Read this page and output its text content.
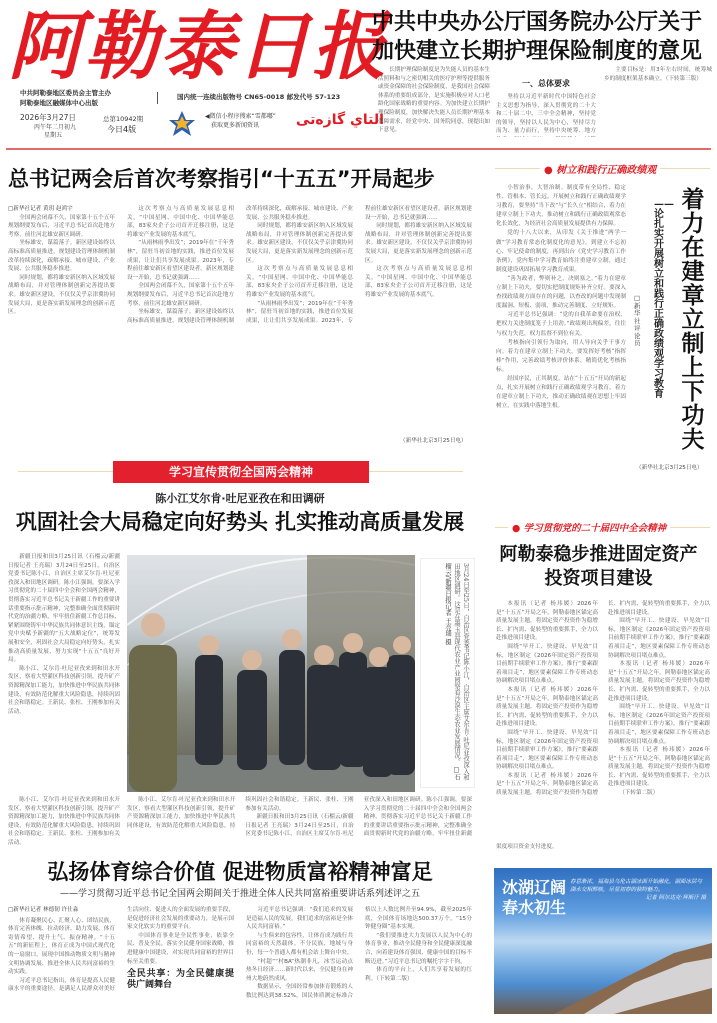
阿勒泰日报
中共阿勒泰地区委员会主管主办
阿勒泰地区融媒体中心出版
国内统一连续出版物号 CN65-0018 邮发代号 57-123
2026年3月27日
丙午年二月初九
星期五
总第10942期
今日4版
◀微信小程序搜索“雪都嘟”
获取更多新闻资讯	التاي گازەتى
中共中央办公厅国务院办公厅关于
加快建立长期护理保险制度的意见

长期护理保险制度是为失能人员的基本生活照料和与之密切相关的医疗护理等提供服务或资金保障的社会保险制度，是我国社会保障体系的重要组成部分，是实施积极应对人口老龄化国家战略的重要内容。为加快建立长期护理保险制度，加快解决失能人员长期护理基本保障需求，经党中央、国务院同意，现提出如下意见。

一、总体要求

坚持以习近平新时代中国特色社会主义思想为指导，深入贯彻党的二十大和二十届二中、三中全会精神，坚持党的领导，坚持以人民为中心，坚持尽力而为、量力而行，坚持中央统筹、地方

主要目标是：用3年左右时间，统筹城乡的制度框架基本确立。（下转第三版）

总书记两会后首次考察指引“十五五”开局起步
□新华社记者 黄玥 赵鸿宇

全国两会闭幕不久，国家第十五个五年规划纲要发布后，习近平总书记首次赴地方考察，前往河北雄安新区调研。

坐标雄安，谋篇落子。新区建设始终以高标准高质量推进，规划建设管理体制机制改革持续深化，疏解承接、城市建设、产业发展、公共服务稳步推进。

同时规划，都将雄安新区纳入区域发展战略布局，并对管理体制创新完善提出要求。雄安新区建设，不仅仅关乎京津冀协同发展大局，更是落实新发展理念的创新示范区。

这次考察点与高质量发展息息相关，“中国星网、中国中化、中国华能总部，83家央企子公司首开迁移注册，这是将雄安产业发展的基本底气。

“从雨林雨季出发”；2019年在“千年秀林”，留驻当初首地的实践，推进首位发展成果，让让们共享发展成果。2023年，专程前往雄安新区看望区建设者。新区规划建设一开始，总书记就强调……

全国两会闭幕不久，国家第十五个五年规划纲要发布后，习近平总书记首次赴地方考察，前往河北雄安新区调研。

坐标雄安，谋篇落子。新区建设始终以高标准高质量推进，规划建设管理体制机制改革持续深化，疏解承接、城市建设、产业发展、公共服务稳步推进。

同时规划，都将雄安新区纳入区域发展战略布局，并对管理体制创新完善提出要求。雄安新区建设，不仅仅关乎京津冀协同发展大局，更是落实新发展理念的创新示范区。

这次考察点与高质量发展息息相关，“中国星网、中国中化、中国华能总部，83家央企子公司首开迁移注册，这是将雄安产业发展的基本底气。

“从雨林雨季出发”；2019年在“千年秀林”，留驻当初首地的实践，推进首位发展成果，让让们共享发展成果。2023年，专程前往雄安新区看望区建设者。新区规划建设一开始，总书记就强调……

同时规划，都将雄安新区纳入区域发展战略布局，并对管理体制创新完善提出要求。雄安新区建设，不仅仅关乎京津冀协同发展大局，更是落实新发展理念的创新示范区。

这次考察点与高质量发展息息相关，“中国星网、中国中化、中国华能总部，83家央企子公司首开迁移注册，这是将雄安产业发展的基本底气。

（新华社北京3月25日电）
● 树立和践行正确政绩观
着力在建章立制上下功夫
——论扎实开展树立和践行正确政绩观学习教育
□新华社评论员

小智治事，大智治制。制度带有全局性、稳定性、管根本、管长远。开展树立和践行正确政绩观学习教育，要坚持“当下改”与“长久立”相结合，着力在建章立制上下功夫，推动树立和践行正确政绩观常态化长效化，为经济社会高质量发展提供有力保障。

党的十八大以来，从印发《关于推进“两学一做”学习教育常态化制度化的意见》，到建立不忘初心、牢记使命的制度，再到出台《党史学习教育工作条例》，党内集中学习教育始终注重建章立制，通过制度建设巩固拓展学习教育成果。

“善为政者，弊则补之，决则塞之。”着力在建章立制上下功夫，要切实把制度规矩补齐立好。要深入查找政绩观方面存在的问题，以查改的问题中发现制度漏洞、短板、弱项，推动完善制度、立好规矩。

习近平总书记强调：“党的自我革命要在治权、把权力关进制度笼子上用劲。”政绩观出现偏差，往往与权力失范，权力监督不到位有关。

考核指向引领行为取向，用人导向关乎干事方向。着力在建章立制上下功夫，要发挥好考核“指挥棒”作用，完善政绩考核评价体系，精简优化考核指标。

经国序民，正其制度。站在“十五五”开局的新起点，扎实开展树立和践行正确政绩观学习教育，着力在建章立制上下功夫，推动正确政绩观在思想上牢固树立，在实践中落地生根。

（新华社北京3月25日电）
学习宣传贯彻全国两会精神
陈小江艾尔肯·吐尼亚孜在和田调研
巩固社会大局稳定向好势头 扎实推动高质量发展

新疆日报和田3月25日讯（石榴云/新疆日报记者 王亮瑞）3月24日至25日，自治区党委书记陈小江，自治区主席艾尔肯·吐尼亚孜深入和田地区调研。陈小江强调，要深入学习贯彻党的二十届四中全会和全国两会精神，贯彻落实习近平总书记关于新疆工作的重要讲话重要指示批示精神，完整准确全面贯彻新时代党的治疆方略，牢牢扭住新疆工作总目标，紧紧围绕铸牢中华民族共同体意识主线，锚定党中央赋予新疆的“五大战略定位”，统筹发展和安全，巩固社会大局稳定向好势头，扎实推动高质量发展，努力实现“十五五”良好开局。

陈小江、艾尔肯·吐尼亚孜来到和田水开发区，察看大型灌区科技创新引领，提升矿产资源精深加工能力，加快推进中华民族共同体建设，有效防范化解重大风险隐患，持续巩固社会和谐稳定。王新民、张柱、王刚参加有关活动。	3月24日至25日，自治区党委书记陈小江，自治区主席艾尔肯·吐尼亚孜深入和田地区调研。这是在墨玉县现代农业产业园察看沙漠生态农业发展情况。 □石榴云/新疆日报记者 王亮瑞 摄

陈小江、艾尔肯·吐尼亚孜来到和田水开发区，察看大型灌区科技创新引领，提升矿产资源精深加工能力，加快推进中华民族共同体建设，有效防范化解重大风险隐患，持续巩固社会和谐稳定。王新民、张柱、王刚参加有关活动。

新疆日报和田3月25日讯（石榴云/新疆日报记者 王亮瑞）3月24日至25日，自治区党委书记陈小江，自治区主席艾尔肯·吐尼亚孜深入和田地区调研。陈小江强调，要深入学习贯彻党的二十届四中全会和全国两会精神，贯彻落实习近平总书记关于新疆工作的重要讲话重要指示批示精神，完整准确全面贯彻新时代党的治疆方略，牢牢扭住新疆

陈小江、艾尔肯·吐尼亚孜来到和田水开发区，察看大型灌区科技创新引领，提升矿产资源精深加工能力，加快推进中华民族共同体建设，有效防范化解重大风险隐患，持续巩固社会和谐稳定。王新民、张柱、王刚参加有关活动。

● 学习贯彻党的二十届四中全会精神
阿勒泰稳步推进固定资产
投资项目建设

本报讯（记者 杨玮媛）2026年是“十五五”开局之年，阿勒泰地区锚定高质量发展主题，将固定资产投资作为稳增长、扩内需、促转型的重要抓手，全力以赴推进项目建设。

围绕“早开工、快建设、早见效”目标，地区制定《2026年固定资产投资项目前期手续联审工作方案》，推行“要素跟着项目走”，地区要素保障工作专班动态协调解决项目堵点难点。

本报讯（记者 杨玮媛）2026年是“十五五”开局之年，阿勒泰地区锚定高质量发展主题，将固定资产投资作为稳增长、扩内需、促转型的重要抓手，全力以赴推进项目建设。

围绕“早开工、快建设、早见效”目标，地区制定《2026年固定资产投资项目前期手续联审工作方案》，推行“要素跟着项目走”，地区要素保障工作专班动态协调解决项目堵点难点。

本报讯（记者 杨玮媛）2026年是“十五五”开局之年，阿勒泰地区锚定高质量发展主题，将固定资产投资作为稳增长、扩内需、促转型的重要抓手，全力以赴推进项目建设。

围绕“早开工、快建设、早见效”目标，地区制定《2026年固定资产投资项目前期手续联审工作方案》，推行“要素跟着项目走”，地区要素保障工作专班动态协调解决项目堵点难点。

本报讯（记者 杨玮媛）2026年是“十五五”开局之年，阿勒泰地区锚定高质量发展主题，将固定资产投资作为稳增长、扩内需、促转型的重要抓手，全力以赴推进项目建设。

围绕“早开工、快建设、早见效”目标，地区制定《2026年固定资产投资项目前期手续联审工作方案》，推行“要素跟着项目走”，地区要素保障工作专班动态协调解决项目堵点难点。

本报讯（记者 杨玮媛）2026年是“十五五”开局之年，阿勒泰地区锚定高质量发展主题，将固定资产投资作为稳增长、扩内需、促转型的重要抓手，全力以赴推进项目建设。

（下转第二版）

渠度项目资金支付进度。
弘扬体育综合价值 促进物质富裕精神富足
——学习贯彻习近平总书记全国两会期间关于推进全体人民共同富裕重要讲话系列述评之五
□新华社记者 林德韧 许仕淼

体育凝聚民心、汇聚人心、团结民族，体育完善体魄、拉动经济、助力发展，体育寄情希望、提升士气、振奋精神。“十五五”的新征程上，体育正成为中国式现代化的一扇窗口，展现中国推动物质文明与精神文明协调发展、推进全体人民共同富裕的生动实践。

习近平总书记指出，体育是提高人民健康水平的重要途径，是满足人民群众对美好生活向往、促进人的全面发展的重要手段，是促进经济社会发展的重要动力，是展示国家文化软实力的重要平台。

中国体育事业是全民性事业，依靠全民、普及全民。落实全民健身国家战略，推进健康中国建设，对实现共同富裕的世界目标至关重要。

全民共享：为全民健康提供广阔舞台

习近平总书记强调：“我们追求的发展是造福人民的发展，我们追求的富裕是全体人民共同富裕。”

与生俱来的包容性，让体育成为践行共同富裕的天然载体。不分民族、地域与身份，每一个普通人都有机会站上舞台中央。

“村超”“村BA”热潮非凡，冰雪运动点热冬日经济……新时代以来，全民健身在神州大地蔚然成风。

数据显示，全国经常参加体育锻炼的人数比例达到38.52%，国民体质测定标准合格以上人数比例升至94.9%，截至2025年底，全国体育场地达500.37万个，“15分钟健身圈”基本实现。

“我们要推进大力发展以人民为中心的体育事业，推动全民健身和全民健康深度融合，向着建设体育强国、健康中国的目标不断迈进。”习近平总书记的嘱托字字千钧。

体育的平台上，人们共享着发展的红利。（下转第二版）

冰湖辽阔
春水初生
春意渐浓，福海县乌伦古湖冰面开始融化，湖面冰层与湖水交相辉映，尽显初春的独特魅力。
记者 阿尔达克·拜斯汗 摄
